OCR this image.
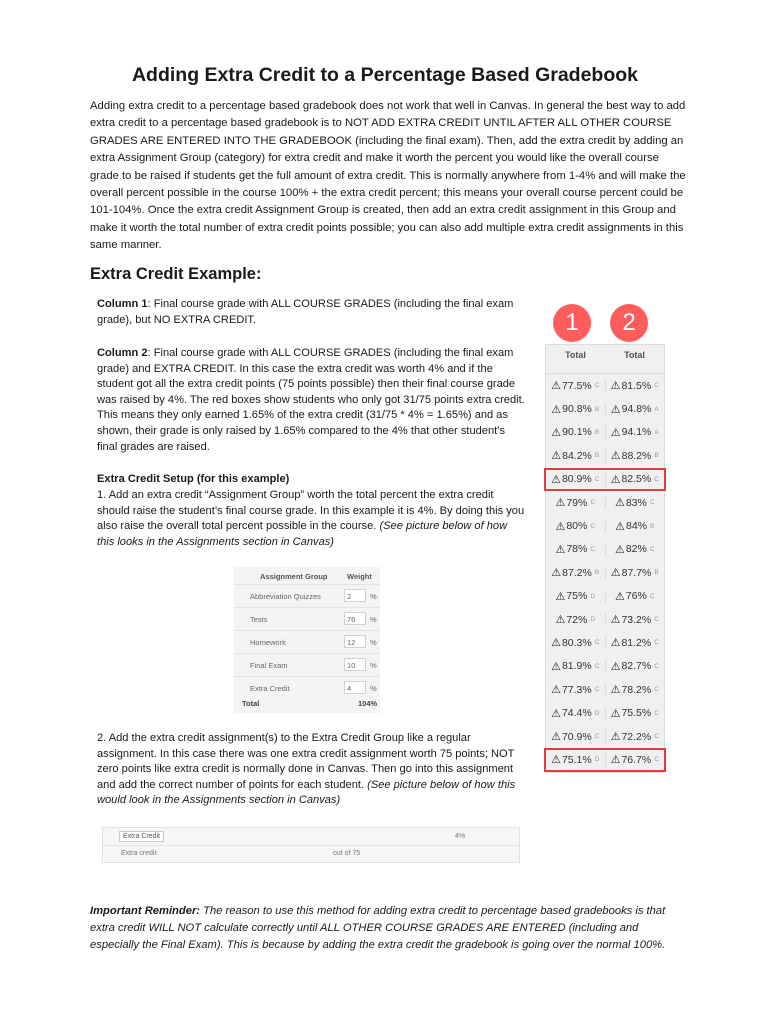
Adding Extra Credit to a Percentage Based Gradebook

Adding extra credit to a percentage based gradebook does not work that well in Canvas. In general the best way to add extra credit to a percentage based gradebook is to NOT ADD EXTRA CREDIT UNTIL AFTER ALL OTHER COURSE GRADES ARE ENTERED INTO THE GRADEBOOK (including the final exam). Then, add the extra credit by adding an extra Assignment Group (category) for extra credit and make it worth the percent you would like the overall course grade to be raised if students get the full amount of extra credit. This is normally anywhere from 1-4% and will make the overall percent possible in the course 100% + the extra credit percent; this means your overall course percent could be 101-104%. Once the extra credit Assignment Group is created, then add an extra credit assignment in this Group and make it worth the total number of extra credit points possible; you can also add multiple extra credit assignments in this same manner.

Extra Credit Example:

Column 1: Final course grade with ALL COURSE GRADES (including the final exam grade), but NO EXTRA CREDIT.

Column 2: Final course grade with ALL COURSE GRADES (including the final exam grade) and EXTRA CREDIT. In this case the extra credit was worth 4% and if the student got all the extra credit points (75 points possible) then their final course grade was raised by 4%. The red boxes show students who only got 31/75 points extra credit. This means they only earned 1.65% of the extra credit (31/75 * 4% = 1.65%) and as shown, their grade is only raised by 1.65% compared to the 4% that other student’s final grades are raised.

Extra Credit Setup (for this example)

1. Add an extra credit “Assignment Group” worth the total percent the extra credit should raise the student’s final course grade. In this example it is 4%. By doing this you also raise the overall total percent possible in the course. (See picture below of how this looks in the Assignments section in Canvas)

1	2
Total	Total
⚠ 77.5% C ⚠ 81.5% C
⚠ 90.8% B ⚠ 94.8% A
⚠ 90.1% B ⚠ 94.1% A
⚠ 84.2% B ⚠ 88.2% B
⚠ 80.9% C ⚠ 82.5% C
⚠ 79% C ⚠ 83% C
⚠ 80% C ⚠ 84% B
⚠ 78% C ⚠ 82% C
⚠ 87.2% B ⚠ 87.7% B
⚠ 75% D ⚠ 76% C
⚠ 72% D ⚠ 73.2% C
⚠ 80.3% C ⚠ 81.2% C
⚠ 81.9% C ⚠ 82.7% C
⚠ 77.3% C ⚠ 78.2% C
⚠ 74.4% D ⚠ 75.5% C
⚠ 70.9% C ⚠ 72.2% C
⚠ 75.1% D ⚠ 76.7% C
Assignment Group	Weight
Abbreviation Quizzes	2	%
Tests	76	%
Homework	12	%
Final Exam	10	%
Extra Credit	4	%
Total	104%

2. Add the extra credit assignment(s) to the Extra Credit Group like a regular assignment. In this case there was one extra credit assignment worth 75 points; NOT zero points like extra credit is normally done in Canvas. Then go into this assignment and add the correct number of points for each student. (See picture below of how this would look in the Assignments section in Canvas)

Extra Credit	4%
Extra credit	out of 75

Important Reminder: The reason to use this method for adding extra credit to percentage based gradebooks is that extra credit WILL NOT calculate correctly until ALL OTHER COURSE GRADES ARE ENTERED (including and especially the Final Exam). This is because by adding the extra credit the gradebook is going over the normal 100%.
